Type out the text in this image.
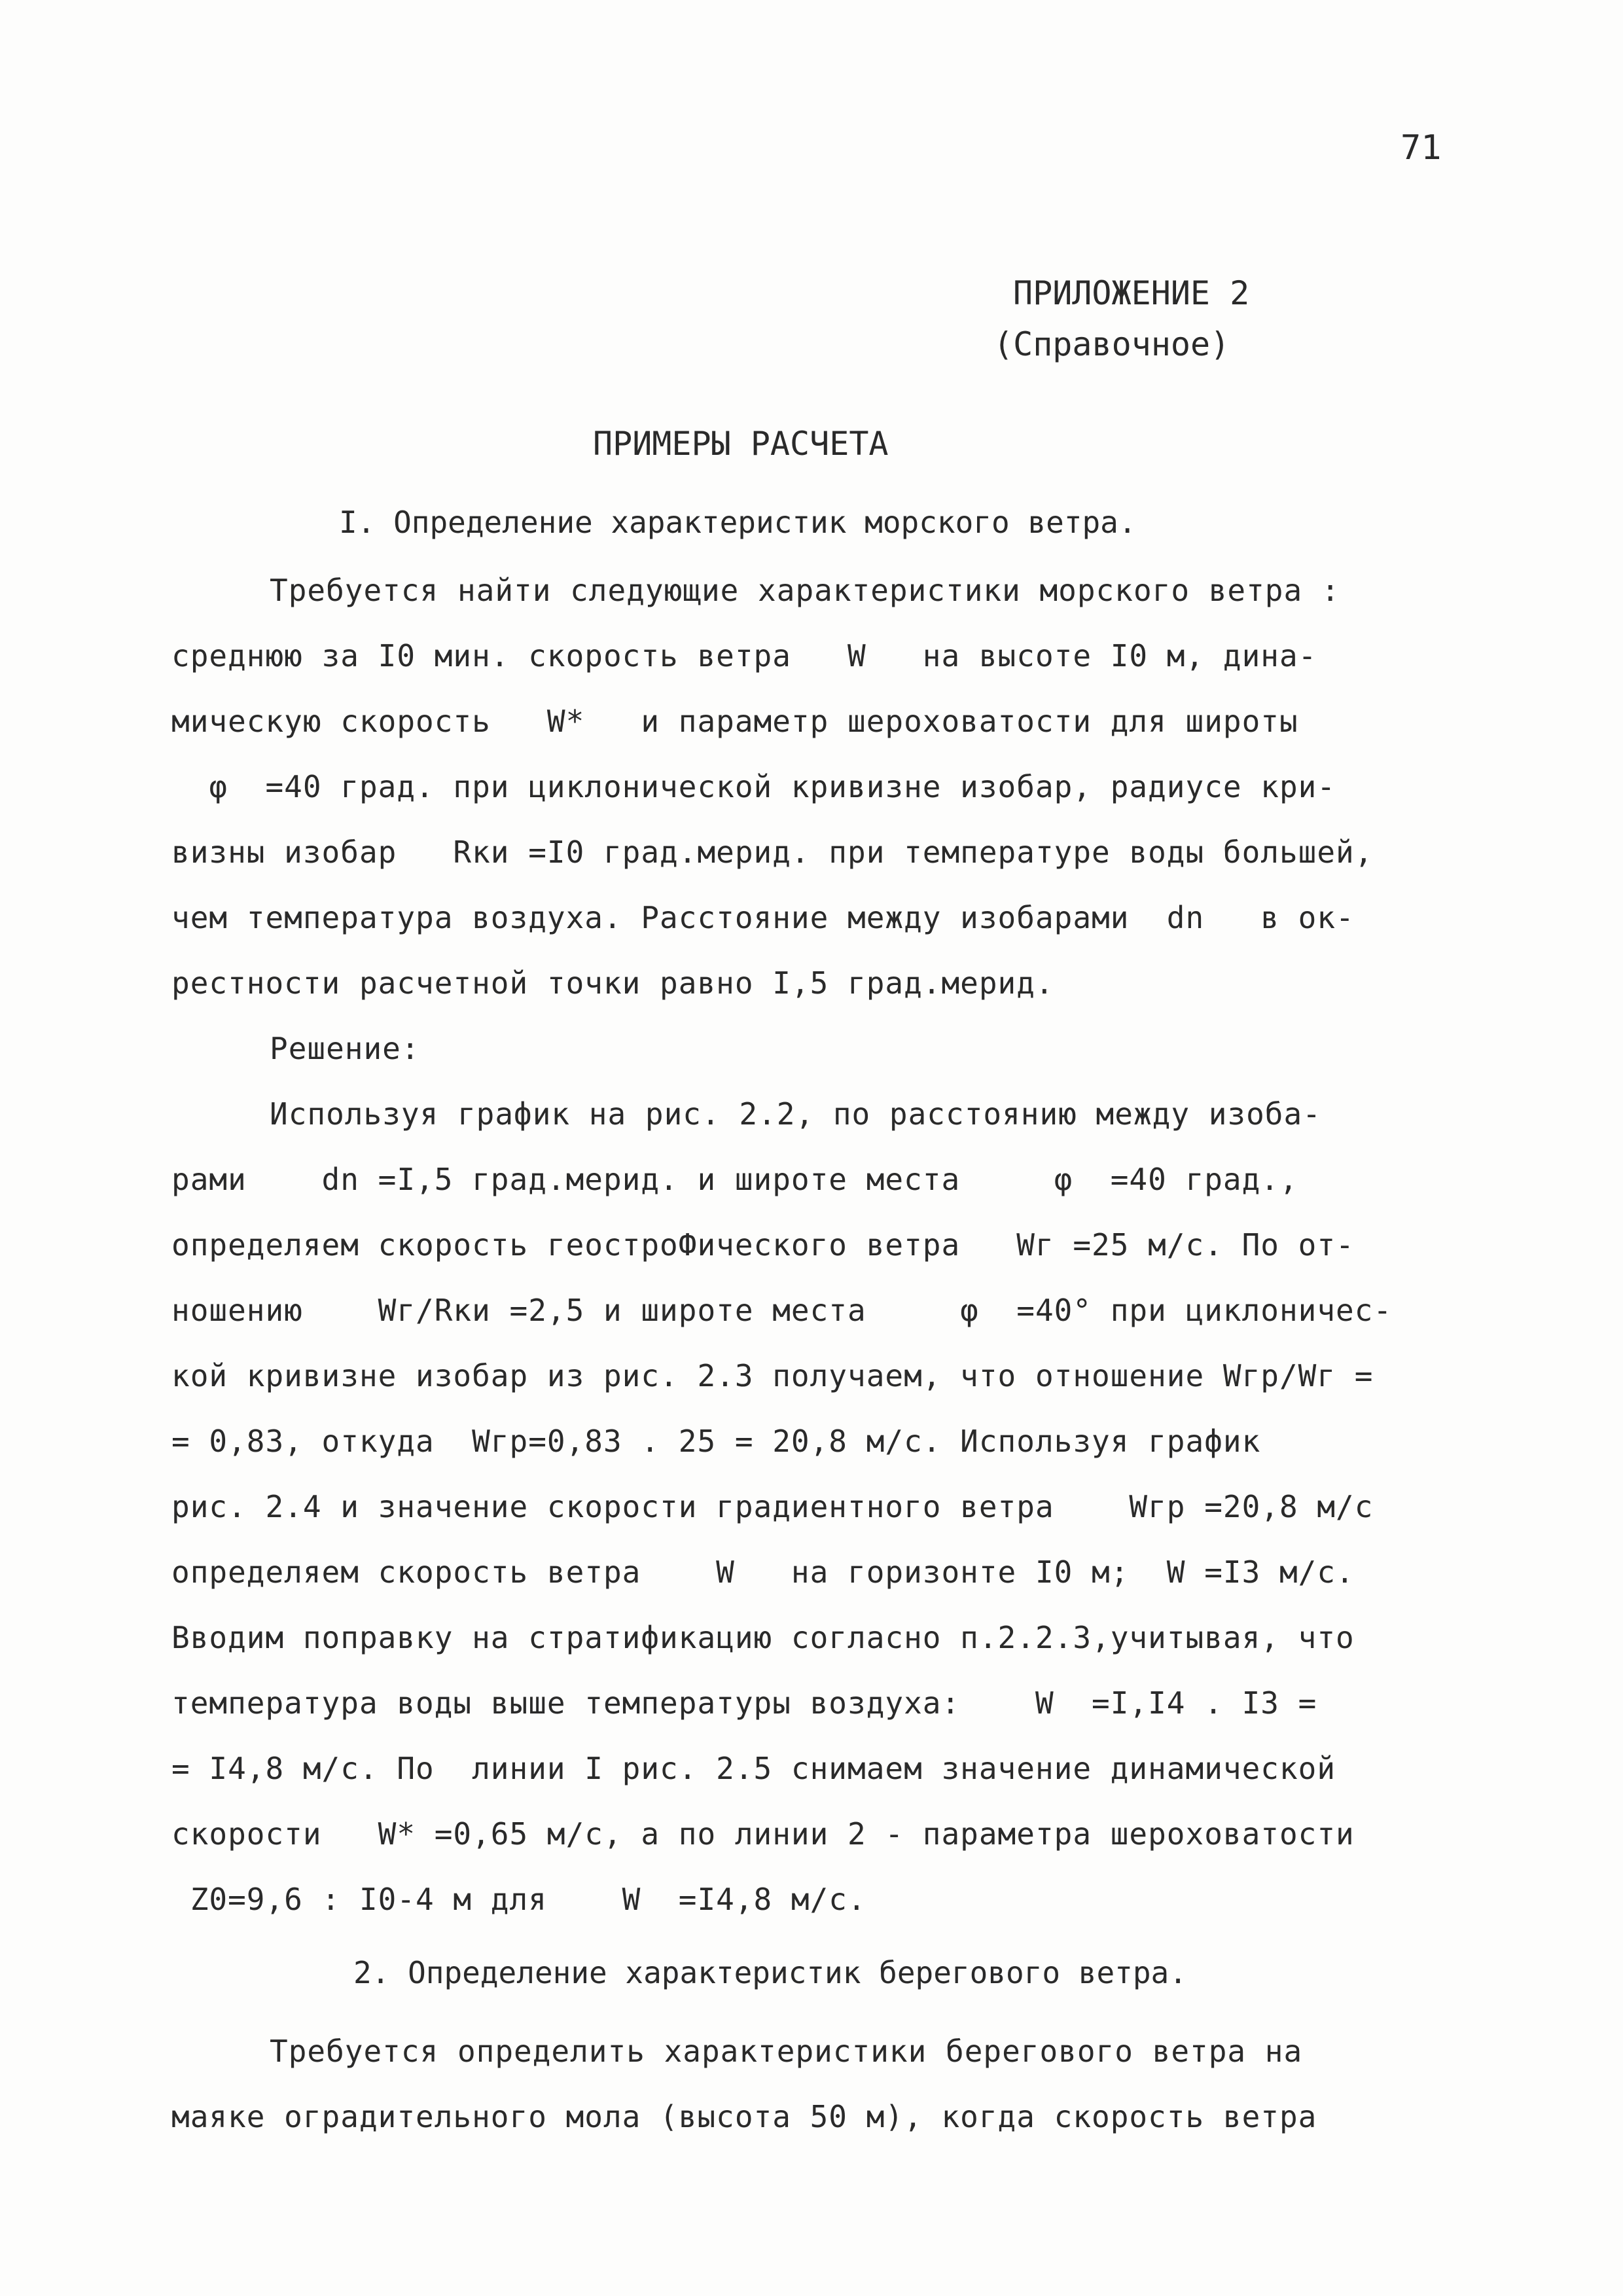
71
ПРИЛОЖЕНИЕ 2
(Справочное)
ПРИМЕРЫ РАСЧЕТА
I. Определение характеристик морского ветра.
Требуется найти следующие характеристики морского ветра :
среднюю за I0 мин. скорость ветра   W   на высоте I0 м, дина-
мическую скорость   W*   и параметр шероховатости для широты
φ  =40 град. при циклонической кривизне изобар, радиусе кри-
визны изобар   Rки =I0 град.мерид. при температуре воды большей,
чем температура воздуха. Расстояние между изобарами  dn   в ок-
рестности расчетной точки равно I,5 град.мерид.
Решение:
Используя график на рис. 2.2, по расстоянию между изоба-
рами    dn =I,5 град.мерид. и широте места     φ  =40 град.,
определяем скорость геостроФического ветра   Wг =25 м/с. По от-
ношению    Wг/Rки =2,5 и широте места     φ  =40° при циклоничес-
кой кривизне изобар из рис. 2.3 получаем, что отношение Wгр/Wг =
= 0,83, откуда  Wгр=0,83 . 25 = 20,8 м/с. Используя график
рис. 2.4 и значение скорости градиентного ветра    Wгр =20,8 м/с
определяем скорость ветра    W   на горизонте I0 м;  W =I3 м/с.
Вводим поправку на стратификацию согласно п.2.2.3,учитывая, что
температура воды выше температуры воздуха:    W  =I,I4 . I3 =
= I4,8 м/с. По  линии I рис. 2.5 снимаем значение динамической
скорости   W* =0,65 м/с, а по линии 2 - параметра шероховатости
Z0=9,6 : I0-4 м для    W  =I4,8 м/с.
2. Определение характеристик берегового ветра.
Требуется определить характеристики берегового ветра на
маяке оградительного мола (высота 50 м), когда скорость ветра
